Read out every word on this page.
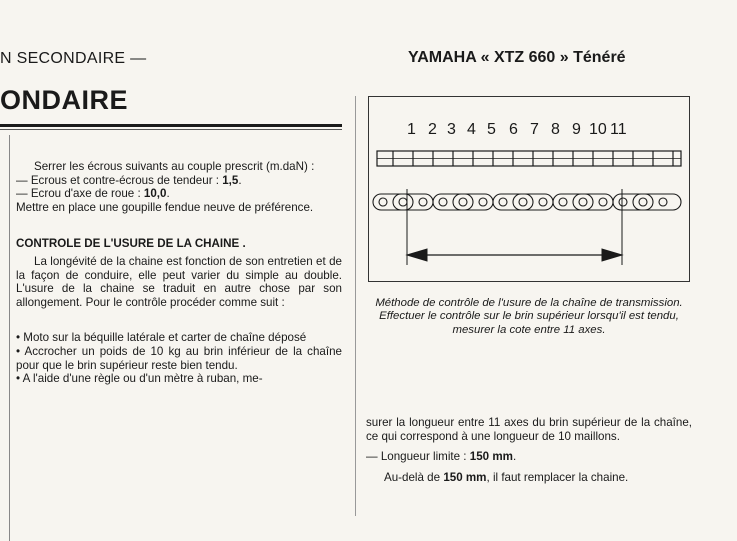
N SECONDAIRE —	YAMAHA « XTZ 660 » Ténéré
ONDAIRE

Serrer les écrous suivants au couple prescrit (m.daN) :

— Ecrous et contre-écrous de tendeur : 1,5.

— Ecrou d'axe de roue : 10,0.

Mettre en place une goupille fendue neuve de préférence.

CONTROLE DE L'USURE DE LA CHAINE .

La longévité de la chaine est fonction de son entretien et de la façon de conduire, elle peut varier du simple au double. L'usure de la chaine se traduit en autre chose par son allongement. Pour le contrôle procéder comme suit :

• Moto sur la béquille latérale et carter de chaîne déposé

• Accrocher un poids de 10 kg au brin inférieur de la chaîne pour que le brin supérieur reste bien tendu.

• A l'aide d'une règle ou d'un mètre à ruban, me-

1 2 3 4 5 6 7 8 9 10 11
Méthode de contrôle de l'usure de la chaîne de transmission. Effectuer le contrôle sur le brin supérieur lorsqu'il est tendu, mesurer la cote entre 11 axes.

surer la longueur entre 11 axes du brin supérieur de la chaîne, ce qui correspond à une longueur de 10 maillons.

— Longueur limite : 150 mm.

Au-delà de 150 mm, il faut remplacer la chaine.
